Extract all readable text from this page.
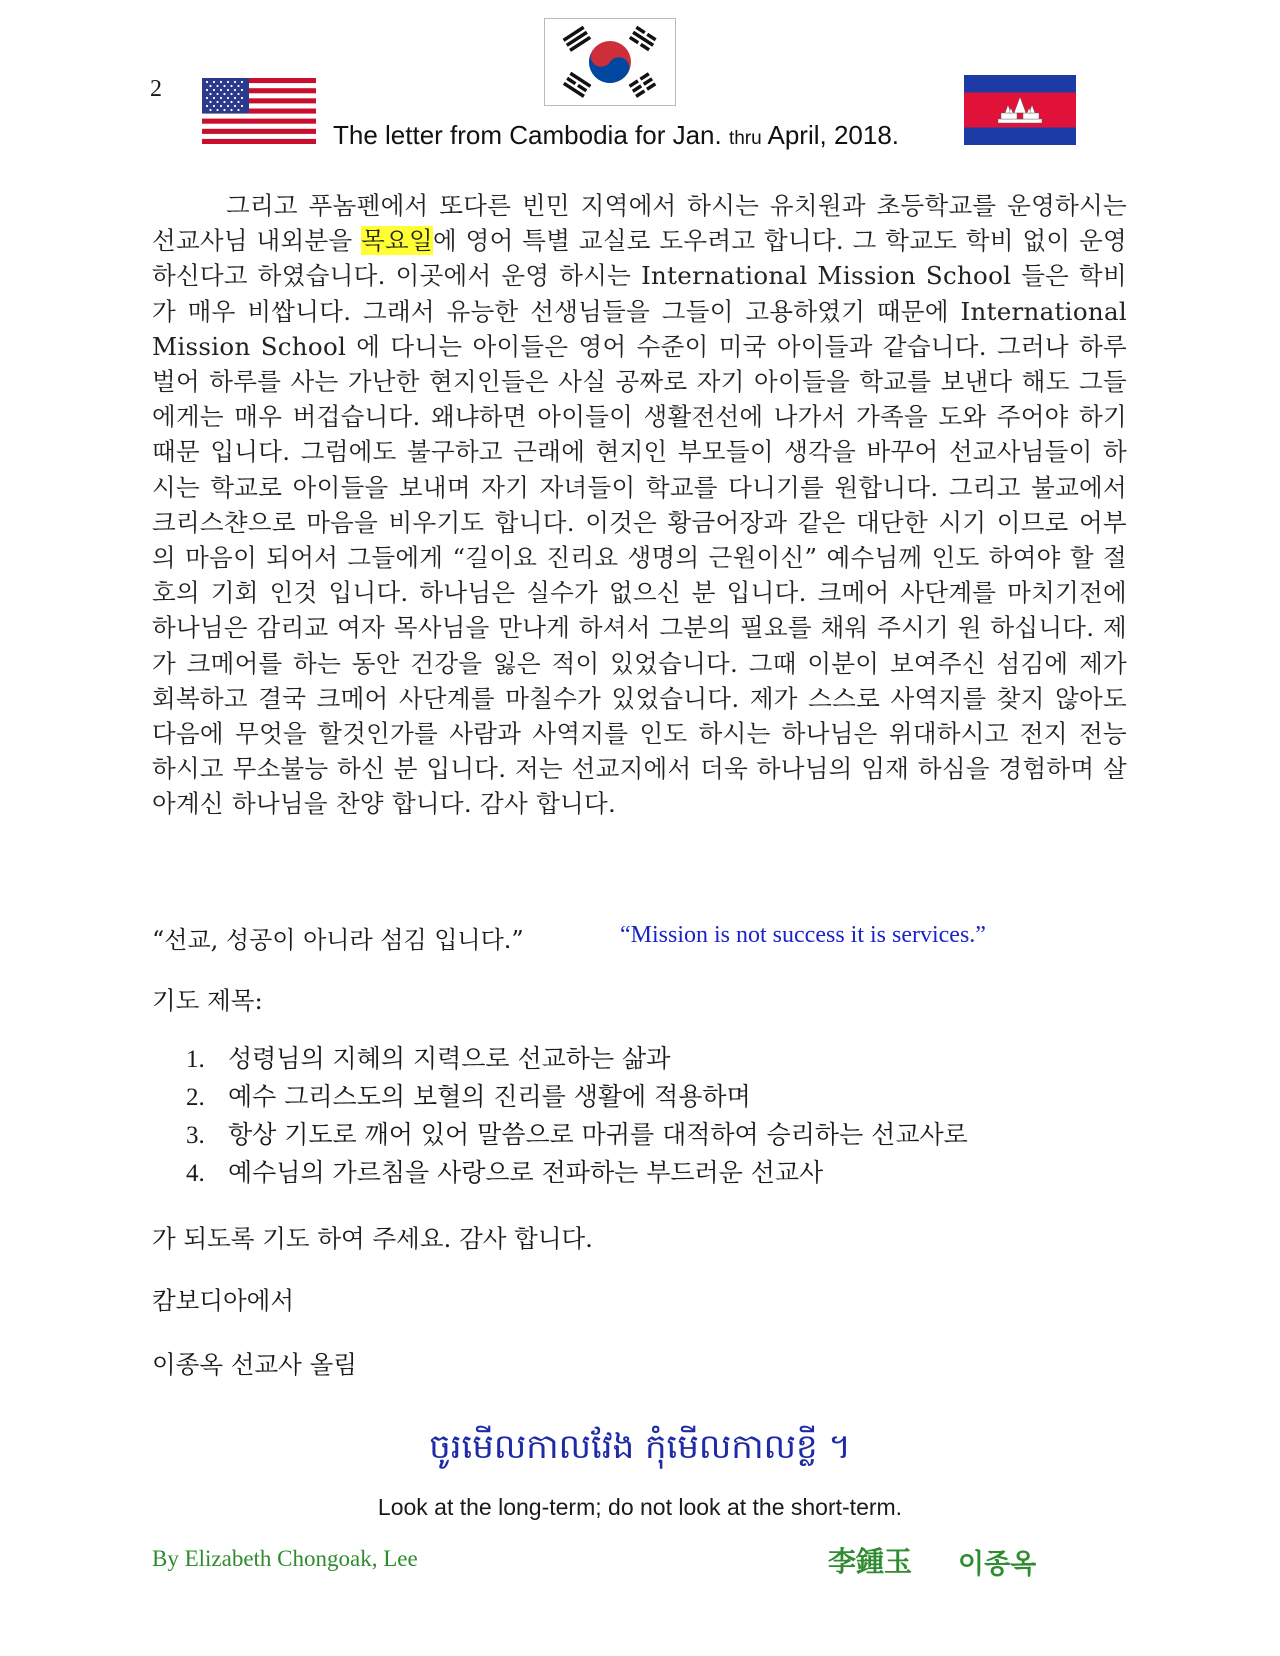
2
The letter from Cambodia for Jan. thru April, 2018.
그리고 푸놈펜에서 또다른 빈민 지역에서 하시는 유치원과 초등학교를 운영하시는 선교사님 내외분을 목요일에 영어 특별 교실로 도우려고 합니다. 그 학교도 학비 없이 운영 하신다고 하였습니다. 이곳에서 운영 하시는 International Mission School 들은 학비가 매우 비쌉니다. 그래서 유능한 선생님들을 그들이 고용하였기 때문에 International Mission School 에 다니는 아이들은 영어 수준이 미국 아이들과 같습니다. 그러나 하루 벌어 하루를 사는 가난한 현지인들은 사실 공짜로 자기 아이들을 학교를 보낸다 해도 그들에게는 매우 버겁습니다. 왜냐하면 아이들이 생활전선에 나가서 가족을 도와 주어야 하기 때문 입니다. 그럼에도 불구하고 근래에 현지인 부모들이 생각을 바꾸어 선교사님들이 하시는 학교로 아이들을 보내며 자기 자녀들이 학교를 다니기를 원합니다. 그리고 불교에서 크리스챤으로 마음을 비우기도 합니다. 이것은 황금어장과 같은 대단한 시기 이므로 어부의 마음이 되어서 그들에게 “길이요 진리요 생명의 근원이신” 예수님께 인도 하여야 할 절호의 기회 인것 입니다. 하나님은 실수가 없으신 분 입니다. 크메어 사단계를 마치기전에 하나님은 감리교 여자 목사님을 만나게 하셔서 그분의 필요를 채워 주시기 원 하십니다. 제가 크메어를 하는 동안 건강을 잃은 적이 있었습니다. 그때 이분이 보여주신 섬김에 제가 회복하고 결국 크메어 사단계를 마칠수가 있었습니다. 제가 스스로 사역지를 찾지 않아도 다음에 무엇을 할것인가를 사람과 사역지를 인도 하시는 하나님은 위대하시고 전지 전능 하시고 무소불능 하신 분 입니다. 저는 선교지에서 더욱 하나님의 임재 하심을 경험하며 살아계신 하나님을 찬양 합니다. 감사 합니다.
“선교, 성공이 아니라 섬김 입니다.”	“Mission is not success it is services.”
기도 제목:
1. 성령님의 지혜의 지력으로 선교하는 삶과
2. 예수 그리스도의 보혈의 진리를 생활에 적용하며
3. 항상 기도로 깨어 있어 말씀으로 마귀를 대적하여 승리하는 선교사로
4. 예수님의 가르침을 사랑으로 전파하는 부드러운 선교사
가 되도록 기도 하여 주세요. 감사 합니다.
캄보디아에서
이종옥 선교사 올림
ចូរមើលកាលវែង កុំមើលកាលខ្លី ។
Look at the long-term; do not look at the short-term.
By Elizabeth Chongoak, Lee	李鍾玉 이종옥
